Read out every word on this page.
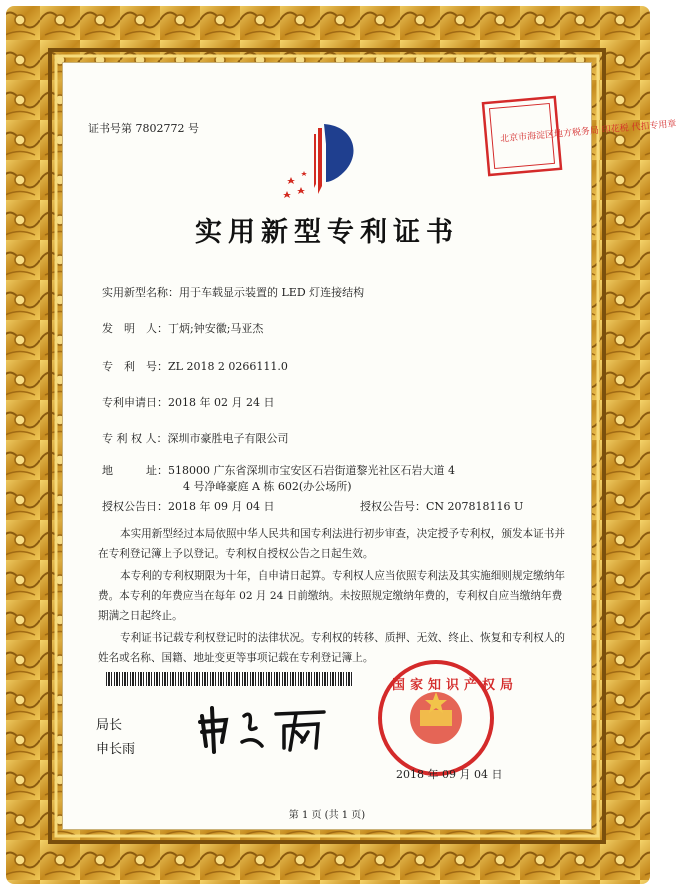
证书号第 7802772 号	北京市海淀区地方税务局 印花税 代扣专用章
实用新型专利证书
实用新型名称：用于车载显示装置的 LED 灯连接结构
发　明　人：丁炳;钟安徽;马亚杰
专　利　号：ZL 2018 2 0266111.0
专利申请日：2018 年 02 月 24 日
专 利 权 人：深圳市豪胜电子有限公司
地　　　址：518000 广东省深圳市宝安区石岩街道黎光社区石岩大道 4
4 号净峰豪庭 A 栋 602(办公场所)
授权公告日：2018 年 09 月 04 日	授权公告号：CN 207818116 U
本实用新型经过本局依照中华人民共和国专利法进行初步审查，决定授予专利权，颁发本证书并在专利登记簿上予以登记。专利权自授权公告之日起生效。
本专利的专利权期限为十年，自申请日起算。专利权人应当依照专利法及其实施细则规定缴纳年费。本专利的年费应当在每年 02 月 24 日前缴纳。未按照规定缴纳年费的，专利权自应当缴纳年费期满之日起终止。
专利证书记载专利权登记时的法律状况。专利权的转移、质押、无效、终止、恢复和专利权人的姓名或名称、国籍、地址变更等事项记载在专利登记簿上。
局长
申长雨
国家知识产权局
2018 年 09 月 04 日
第 1 页 (共 1 页)
